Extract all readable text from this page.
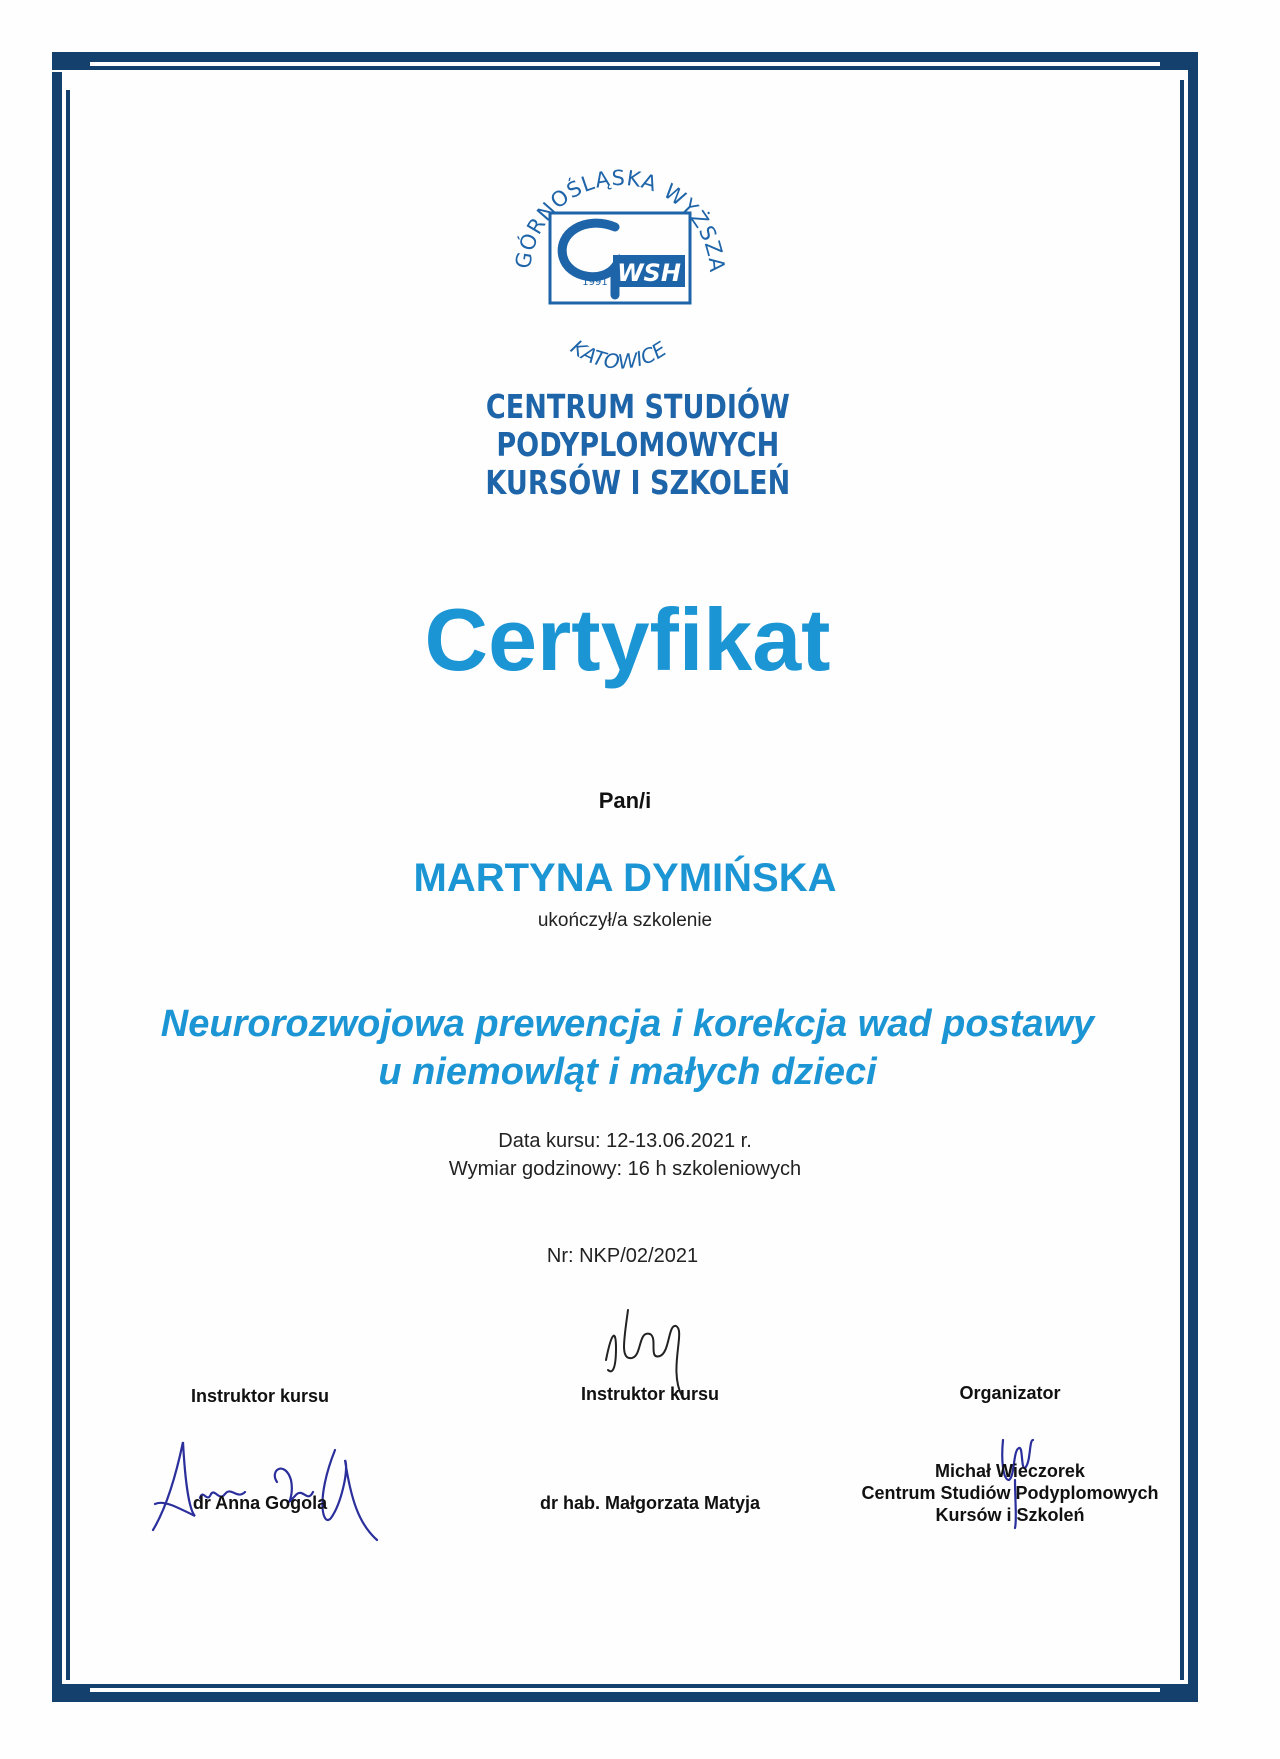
GÓRNOŚLĄSKA WYŻSZA
KATOWICE
WSH
1991
CENTRUM STUDIÓW
PODYPLOMOWYCH
KURSÓW I SZKOLEŃ
Certyfikat
Pan/i
MARTYNA DYMIŃSKA
ukończył/a szkolenie
Neurorozwojowa prewencja i korekcja wad postawy
u niemowląt i małych dzieci
Data kursu: 12-13.06.2021 r.
Wymiar godzinowy: 16 h szkoleniowych
Nr: NKP/02/2021
Instruktor kursu
dr Anna Gogola
Instruktor kursu
dr hab. Małgorzata Matyja
Organizator
Michał Wieczorek
Centrum Studiów Podyplomowych
Kursów i Szkoleń
